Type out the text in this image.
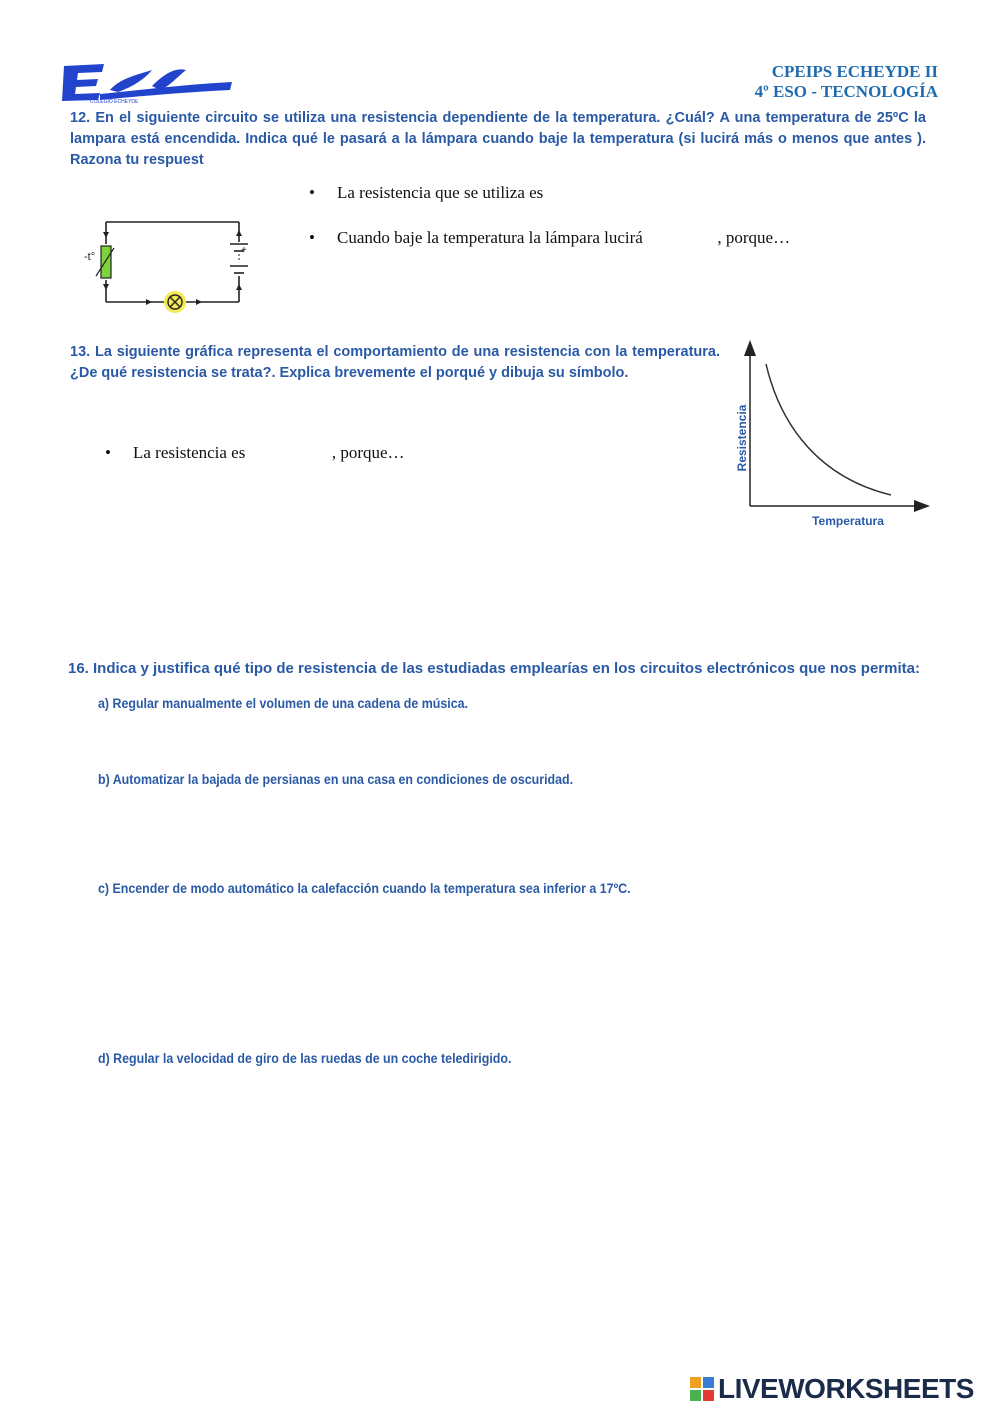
COLEGIO ECHEYDE
CPEIPS ECHEYDE II
4º ESO - TECNOLOGÍA
12. En el siguiente circuito se utiliza una resistencia dependiente de la temperatura. ¿Cuál? A una temperatura de 25ºC la lampara está encendida. Indica qué le pasará a la lámpara cuando baje la temperatura (si lucirá más o menos que antes ). Razona tu respuest
• La resistencia que se utiliza es
• Cuando baje la temperatura la lámpara lucirá	, porque…
-t°
+
13. La siguiente gráfica representa el comportamiento de una resistencia con la temperatura. ¿De qué resistencia se trata?. Explica brevemente el porqué y dibuja su símbolo.
• La resistencia es	, porque…	Resistencia
Temperatura
16. Indica y justifica qué tipo de resistencia de las estudiadas emplearías en los circuitos electrónicos que nos permita:
a) Regular manualmente el volumen de una cadena de música.
b) Automatizar la bajada de persianas en una casa en condiciones de oscuridad.
c) Encender de modo automático la calefacción cuando la temperatura sea inferior a 17ºC.
d) Regular la velocidad de giro de las ruedas de un coche teledirigido.
LIVEWORKSHEETS
